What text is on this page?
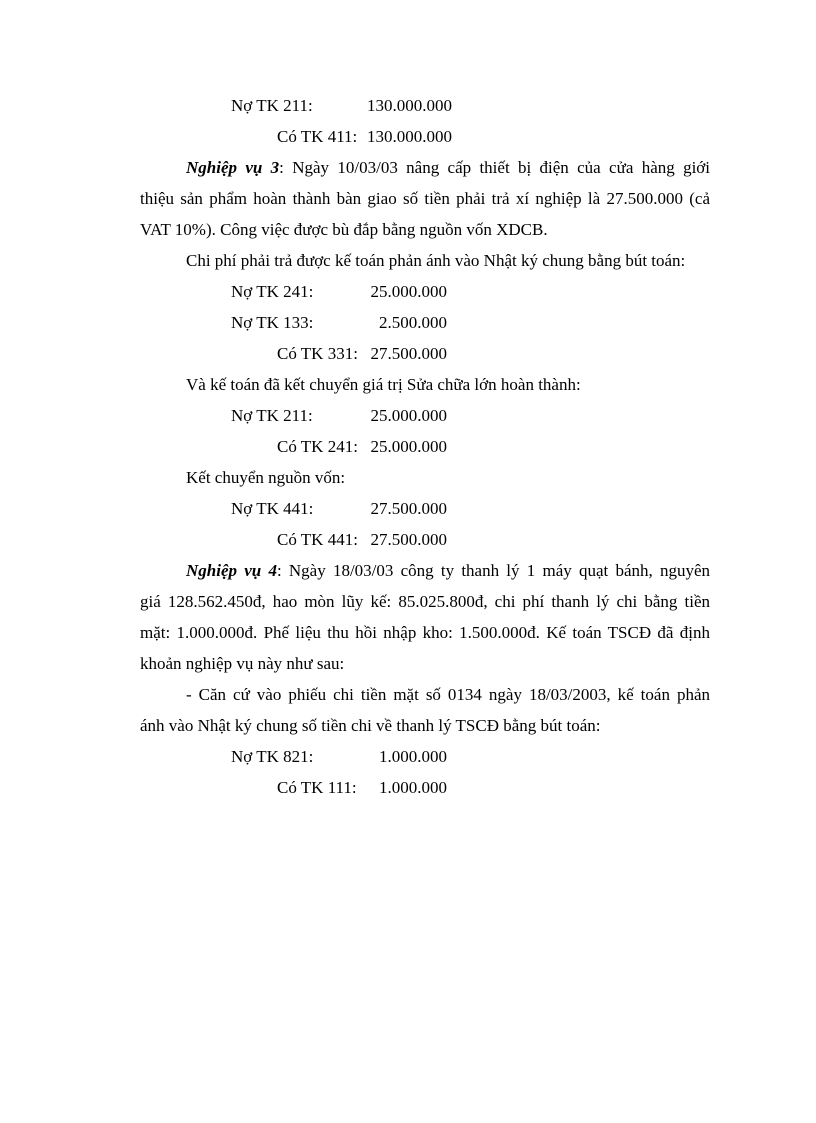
Nợ TK 211:	130.000.000
Có TK 411: 130.000.000
Nghiệp vụ 3: Ngày 10/03/03 nâng cấp thiết bị điện của cửa hàng giới
thiệu sản phẩm hoàn thành bàn giao số tiền phải trả xí nghiệp là 27.500.000 (cả
VAT 10%). Công việc được bù đắp bằng nguồn vốn XDCB.
Chi phí phải trả được kế toán phản ánh vào Nhật ký chung bằng bút toán:
Nợ TK 241:	25.000.000
Nợ TK 133:	2.500.000
Có TK 331: 27.500.000
Và kế toán đã kết chuyển giá trị Sửa chữa lớn hoàn thành:
Nợ TK 211:	25.000.000
Có TK 241: 25.000.000
Kết chuyển nguồn vốn:
Nợ TK 441:	27.500.000
Có TK 441: 27.500.000
Nghiệp vụ 4: Ngày 18/03/03 công ty thanh lý 1 máy quạt bánh, nguyên
giá 128.562.450đ, hao mòn lũy kế: 85.025.800đ, chi phí thanh lý chi bằng tiền
mặt: 1.000.000đ. Phế liệu thu hồi nhập kho: 1.500.000đ. Kế toán TSCĐ đã định
khoản nghiệp vụ này như sau:
- Căn cứ vào phiếu chi tiền mặt số 0134 ngày 18/03/2003, kế toán phản
ánh vào Nhật ký chung số tiền chi về thanh lý TSCĐ bằng bút toán:
Nợ TK 821:	1.000.000
Có TK 111: 1.000.000
